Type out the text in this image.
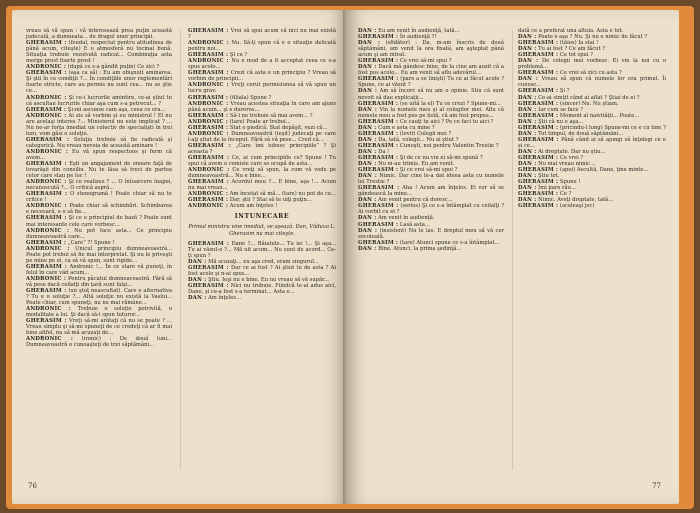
vreau să vă spun : vă interesează prea puţin această judecată, a dumneata... de dragul unor principii.

GHERASIM : (feudal, respectat pentru atitudinea de până acum, citeşte) E o atmosferă nu tocmai bună. Situaţia trebuie rezolvată radical... Combinaţia asta merge prost foarte prost !

ANDRONIC : (după ce s-a gândit puţin) Ce zici ?

GHERASIM : (aşa ca să) : Eu am obişnuit aminarea. Şi ştii în ce condiţii ?... În condiţiile unor reglementări foarte stricte, care au permis nu sunt cea... nu se ştie ce...

ANDRONIC : Şi ce-i lucrurile amintire, ce-ai ştiut tu că ascultau lucrurile chiar aşa cum s-a petrecut... ?

GHERASIM : Şi-mi ascunse cam aşa, ceea ce era...

ANDRONIC : Ai zis să vorbim şi eu ministrul ! El nu are acelaşi interes ?... Ministerul nu este implicat ? ... Nu ne-ar forţa imediat un colectiv de specialişti în trei luni, vom găsi o soluţie.

GHERASIM : Soluţia trebuie să fie radicală şi categorică. Nu vreau nevoia de această aminare !

ANDRONIC : Eu vă spun respectuos şi ferm că avem...

GHERASIM : Eşti un angajament de onoare faţă de tovarăşii din consiliu. Nu te lăsa să treci de partea celor care stau pe loc !

ANDRONIC : Şi ce realizez ? ... O întoarcere înapoi, necunoscută ?... O critică aspră...

GHERASIM : O stenogramă ! Poate chiar să nu te critice !

ANDRONIC : Poate chiar să schimbări. Schimbarea e necesară, e o să fie...

GHERASIM : Şi ce e principiul de bază ? Poate sunt mai interesante cele care vorbesc...

ANDRONIC : Nu pot face asta... Ce principiu dumneavoastră care...

GHERASIM : „Care” ?! Spune !

ANDRONIC : Unicul principiu dumneavoastră... Poate pot trebui să fie mai interpretat. Şi nu le priveşti pe mine pe ei, ca să vă spun, sunt rigide...

GHERASIM : Andronic !... În ce stare vă puneţi, în felul în care văd acum...

ANDRONIC : Pentru păcatul dumneavoastră. Fără să vă pese dacă ceilalţi din ţară sunt falşi...

GHERASIM : (un ştuţ neascultat). Care e alternativa ? Tu e o soluţie ?... Altă soluţie nu există la Vaslui... Poate chiar, cum spuneţi, nu ne mai rămâne...

ANDRONIC : Trebuie o soluţie potrivită, o modalitate a lui. Şi dacă să-i spun tuturor...

GHERASIM : Vreţi să-mi arătaţi că nu se poate ? ... Vreau simplu şi să-mi spuneţi de ce credeţi că ar fi mai bine altfel, nu să mă acuzaţi de...

ANDRONIC : (ironic) : De două luni... Dumneavoastră o cunoaşteţi de trei săptămâni...

GHERASIM : Vrei să spui acum că nici nu mai există ?

ANDRONIC : Nu. Să-ţi spun că e o situaţie delicată pentru noi...

GHERASIM : Şi ce ?

ANDRONIC : Nu e mod de a fi acceptat ceea ce s-a spus acolo...

GHERASIM : Crezi că asta e un principiu ? Vreau să vorbim de principii...

ANDRONIC : Vreţi cerut permisiunea să vă spun un lucru grav.

GHERASIM : (filiala) Spune ?

ANDRONIC : Vreau acestea situaţia în care am ajuns până acum... şi e dureros...

GHERASIM : Să-l ne trebuie să mai avem... ?

ANDRONIC : (tare) Poate ar trebui...

GHERASIM : Stat o piedică. Stat depăşit, vezi că...

ANDRONIC : Dumneavoastră (ieşit) judecaţi pe care l-aţi ştiut de la început. Fără să vă pese... Cred că...

GHERASIM : „Care îmi iubesc principiile” ? Şi aceasta ?

GHERASIM : Ce, ai cum principiile ce? Spune ! Tu spui că avem o comisie care se ocupă de asta...

ANDRONIC : Ce vreţi să spun, la cum vă vede pe dumneavoastră... Nu e bine...

GHERASIM : Acordul meu ?... E bine, aşa !... Acum nu mai vreau...

ANDRONIC : Am încetat să mă... (tare) nu pot de ce...

GHERASIM : Dar, ştii ? Stai să te uiţi puţin...

ANDRONIC : Acum am înţeles !

INTUNECARE

Primul ministru vine imediat, se aşează. Dan, Văduva L. Gherasim nu mai citeşte.

GHERASIM : Dane ?... Băiatule... Tu iei !... Şi aşa... Tu ai văzut-o ?... Mă uit acum... Nu sunt de acord... Ce-ţi spun ?

DAN : Mă scuzaţi... eu aşa cred, eram singurul...

GHERASIM : Dar ce ai fost ? Ai ştiut tu de asta ? Ai fost acolo şi n-ai spus...

DAN : Ştiu. Ieşi nu e bine. Eu nu vreau să vă supăr...

GHERASIM : Nici nu trebuie. Fiindcă te-ai adus aici, Dane, şi ce-a fost s-a terminat... Asta e...

DAN : Am înţeles...

76

DAN : Eu am venit în audienţă, tată...

GHERASIM : În audienţă ?!

DAN : (sfidător) : Da, m-am înscris de două săptămâni, am venit la ora fixată, am aşteptat până acum şi am intrat.

GHERASIM : Ce vrei să-mi spui ?

DAN : Dacă mă gândesc bine, de la cine am auzit că a fost pus acolo... Eu am venit să aflu adevărul...

GHERASIM : (pare a se linişti) Tu ce ai făcut acolo ? Spune, ce ai văzut ?

DAN : Am să încerc să nu am o opinie. Stiu că sunt nevoit să dau explicaţii...

GHERASIM : (se uită la el) Tu ce crezi ? Spune-mi...

DAN : Vin la numele meu şi al colegilor mei. Aflu că numele meu a fost pus pe listă, că am fost propus...

GHERASIM : Ce cauţi tu aici ? Pe ce faci tu aici ?

DAN : Cum e asta cu mine ?

GHERASIM : (lovit) Colegii mei ?

DAN : Da, tată, colegii... Nu ai ştiut ?

GHERASIM : Cunoşti, noi pentru Valentin Trestie ?

DAN : Da !

GHERASIM : Şi de ce nu vin ei să-mi spună ?

DAN : Nu m-au trimis. Eu am venit.

GHERASIM : Şi ce vrei să-mi spui ?

DAN : Nimic. Dar cine le-a dat ideea asta cu numele lui Trestie ?

GHERASIM : Aha ! Acum am înţeles. Ei vor să se gândească la mine...

DAN : Am venit pentru că doresc...

GHERASIM : (serios) Şi ce s-a întâmplat cu ceilalţi ? Ai vorbit cu ei ?

DAN : Am venit în audienţă.

GHERASIM : Lasă asta...

DAN : (insistent) Nu le las. E dreptul meu să vă cer socoteală.

GHERASIM : (tare) Atunci spune ce s-a întâmplat...

DAN : Bine. Atunci, la prima şedinţă...

dată ce a preferat una altuia. Asta e tot.

DAN : Poate e aşa ? Nu. Şi nu e nimic de făcut ?

GHERASIM : (tăios) Ia stai !

DAN : Tu ai fost ? Ce am făcut ?

GHERASIM : Ce tot spui ?

DAN : De colegii mei vorbesc. Ei vin la noi cu o problemă...

GHERASIM : Ce vrei să zici cu asta ?

DAN : Vreau să spun că numele lor era primul. Îi cunosc...

GHERASIM : Şi ?

DAN : Ce-ai simţit când ai aflat ? Ştiai de ei ?

GHERASIM : (sincer) Nu. Nu ştiam.

DAN : Iar cum se face ?

GHERASIM : Moment al naivităţii... Poate...

DAN : Ştii că nu e aşa...

GHERASIM : (pricindu-l lung) Spune-mi ce e cu tine ?

DAN : Tot timpul, de două săptămâni...

GHERASIM : Până când ai să ajungi să înţelegi ce e şi ce...

DAN : Ai dreptate. Dar nu ştiu...

GHERASIM : Ce vrei ?

DAN : Nu mai vreau nimic...

GHERASIM : (apoi) Ascultă, Dane, ţine minte...

DAN : Ştiu tot.

GHERASIM : Spune !

DAN : Îmi pare rău...

GHERASIM : Ce ?

DAN : Nimic. Aveţi dreptate, tată...

GHERASIM : (aceleaşi joc)

77
